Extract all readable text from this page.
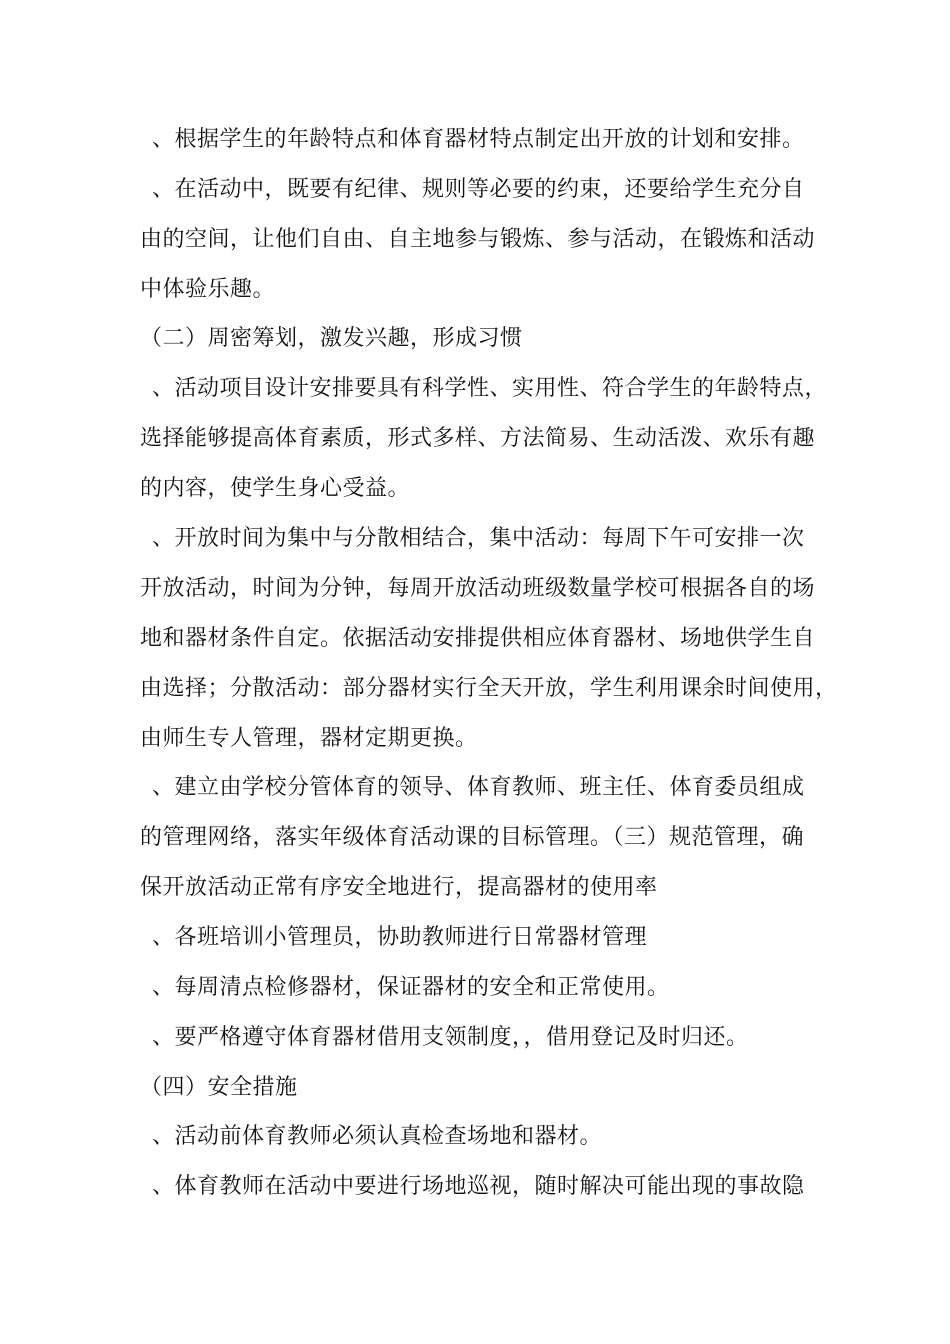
、根据学生的年龄特点和体育器材特点制定出开放的计划和安排。
、在活动中，既要有纪律、规则等必要的约束，还要给学生充分自
由的空间，让他们自由、自主地参与锻炼、参与活动，在锻炼和活动
中体验乐趣。
（二）周密筹划，激发兴趣，形成习惯
、活动项目设计安排要具有科学性、实用性、符合学生的年龄特点，
选择能够提高体育素质，形式多样、方法简易、生动活泼、欢乐有趣
的内容，使学生身心受益。
、开放时间为集中与分散相结合，集中活动：每周下午可安排一次
开放活动，时间为分钟，每周开放活动班级数量学校可根据各自的场
地和器材条件自定。依据活动安排提供相应体育器材、场地供学生自
由选择；分散活动：部分器材实行全天开放，学生利用课余时间使用，
由师生专人管理，器材定期更换。
、建立由学校分管体育的领导、体育教师、班主任、体育委员组成
的管理网络，落实年级体育活动课的目标管理。（三）规范管理，确
保开放活动正常有序安全地进行，提高器材的使用率
、各班培训小管理员，协助教师进行日常器材管理
、每周清点检修器材，保证器材的安全和正常使用。
、要严格遵守体育器材借用支领制度，，借用登记及时归还。
（四）安全措施
、活动前体育教师必须认真检查场地和器材。
、体育教师在活动中要进行场地巡视，随时解决可能出现的事故隐
